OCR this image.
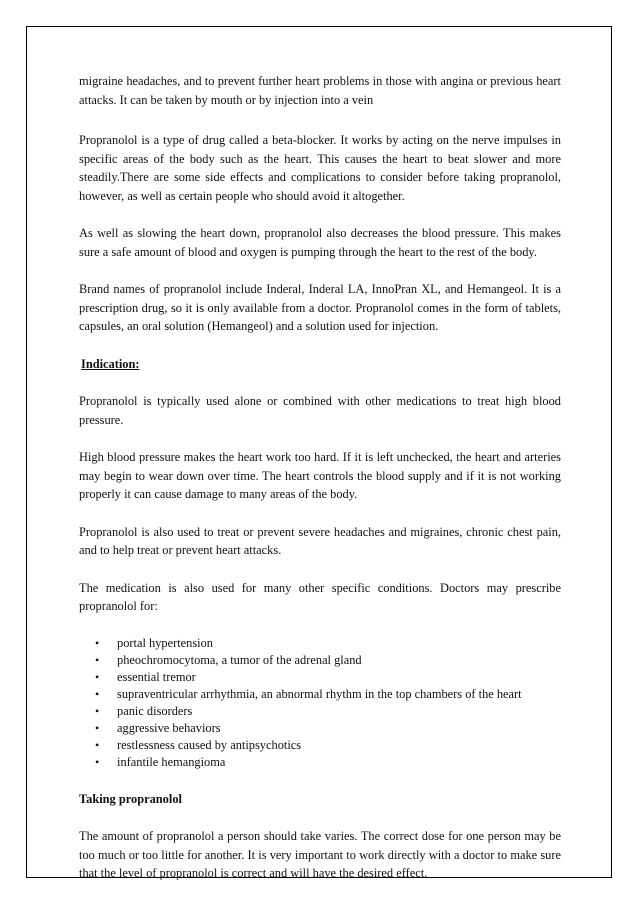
migraine headaches, and to prevent further heart problems in those with angina or previous heart attacks. It can be taken by mouth or by injection into a vein

Propranolol is a type of drug called a beta-blocker. It works by acting on the nerve impulses in specific areas of the body such as the heart. This causes the heart to beat slower and more steadily.There are some side effects and complications to consider before taking propranolol, however, as well as certain people who should avoid it altogether.

As well as slowing the heart down, propranolol also decreases the blood pressure. This makes sure a safe amount of blood and oxygen is pumping through the heart to the rest of the body.

Brand names of propranolol include Inderal, Inderal LA, InnoPran XL, and Hemangeol. It is a prescription drug, so it is only available from a doctor. Propranolol comes in the form of tablets, capsules, an oral solution (Hemangeol) and a solution used for injection.

Indication:

Propranolol is typically used alone or combined with other medications to treat high blood pressure.

High blood pressure makes the heart work too hard. If it is left unchecked, the heart and arteries may begin to wear down over time. The heart controls the blood supply and if it is not working properly it can cause damage to many areas of the body.

Propranolol is also used to treat or prevent severe headaches and migraines, chronic chest pain, and to help treat or prevent heart attacks.

The medication is also used for many other specific conditions. Doctors may prescribe propranolol for:

• portal hypertension
• pheochromocytoma, a tumor of the adrenal gland
• essential tremor
• supraventricular arrhythmia, an abnormal rhythm in the top chambers of the heart
• panic disorders
• aggressive behaviors
• restlessness caused by antipsychotics
• infantile hemangioma

Taking propranolol

The amount of propranolol a person should take varies. The correct dose for one person may be too much or too little for another. It is very important to work directly with a doctor to make sure that the level of propranolol is correct and will have the desired effect.
